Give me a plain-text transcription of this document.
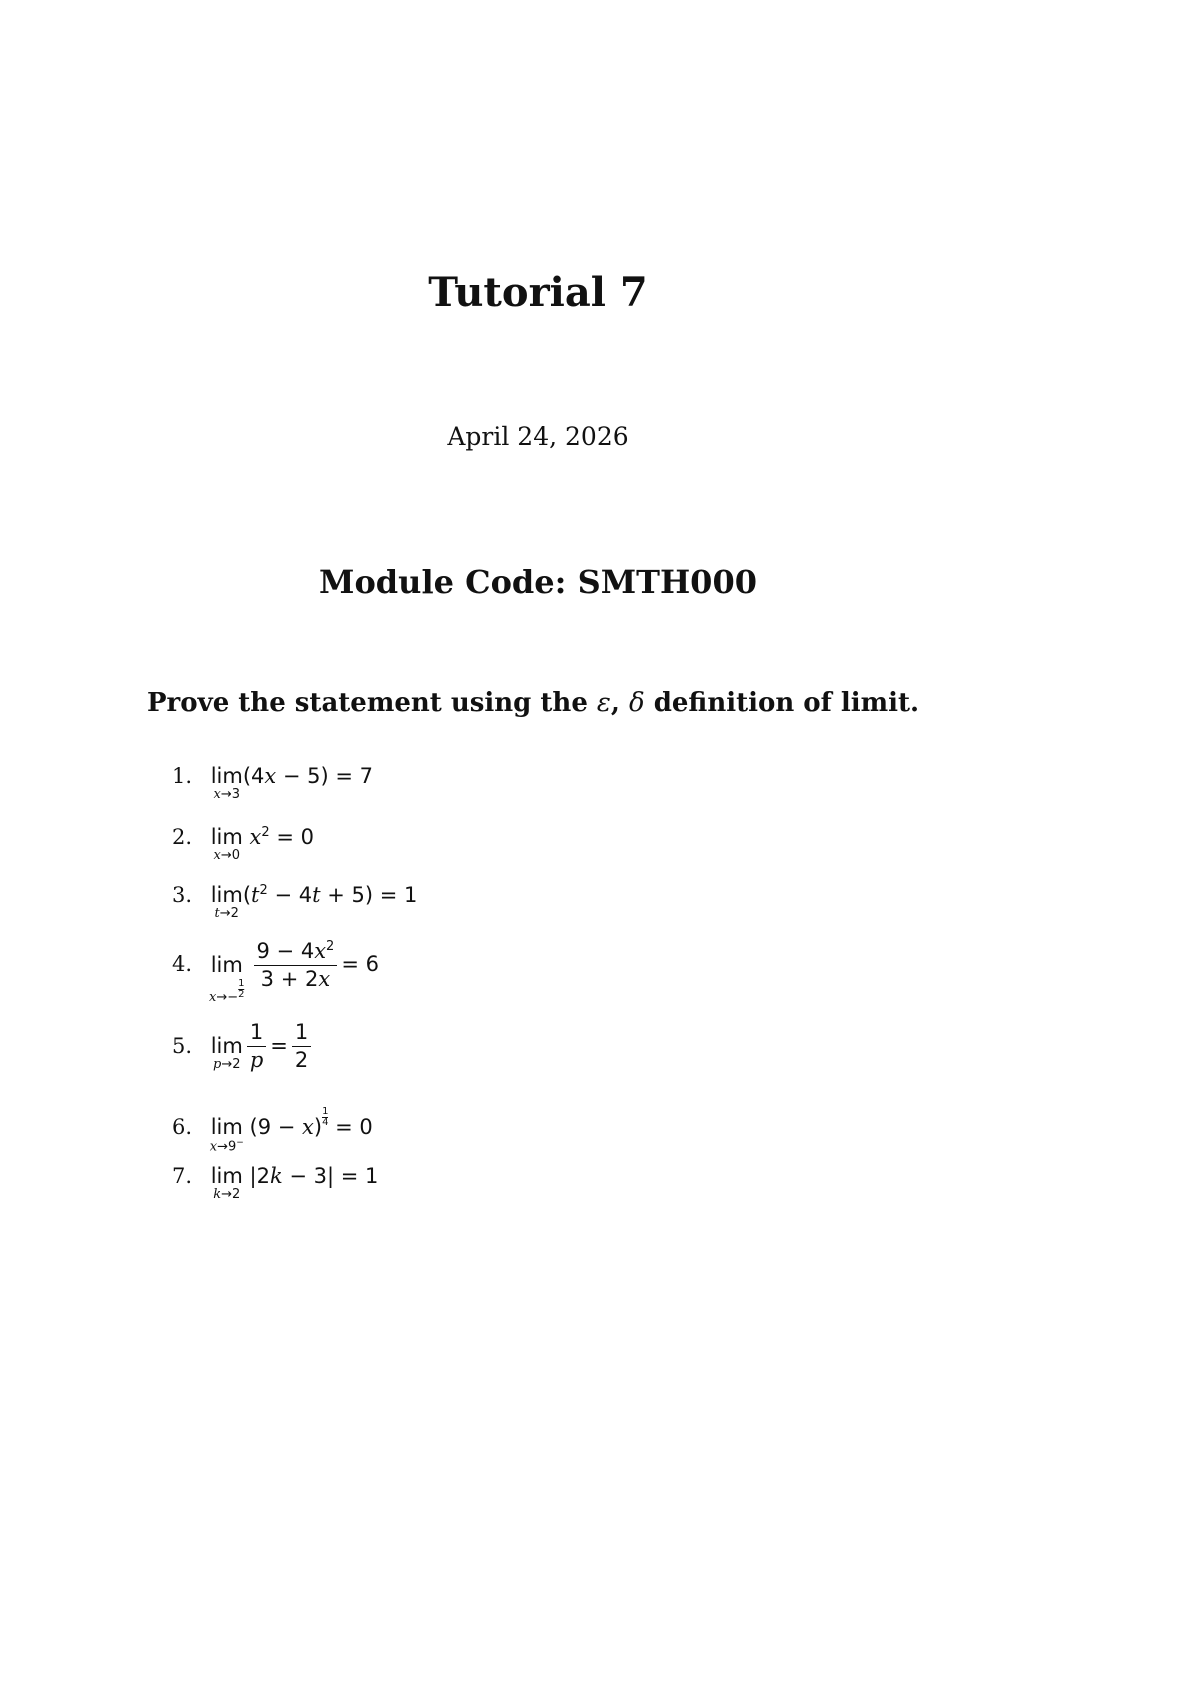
Tutorial 7
April 24, 2026
Module Code: SMTH000
Prove the statement using the ε, δ definition of limit.
1. lim
x→3
(4x − 5) = 7
2. lim
x→0
$x^2 = 0$
3. lim
t→2
$(t^2 - 4t + 5) = 1$
4. lim
$x\to- \frac{1}{2}$
$\frac{9 - 4x^2}{3 + 2x} = 6$
5. lim
$p\to 2 \frac{1}{p} = \frac{1}{2}$
6. lim
x→9−
$(9 - x) \frac{1}{4} = 0$
7. lim
k→2
|2k − 3| = 1
